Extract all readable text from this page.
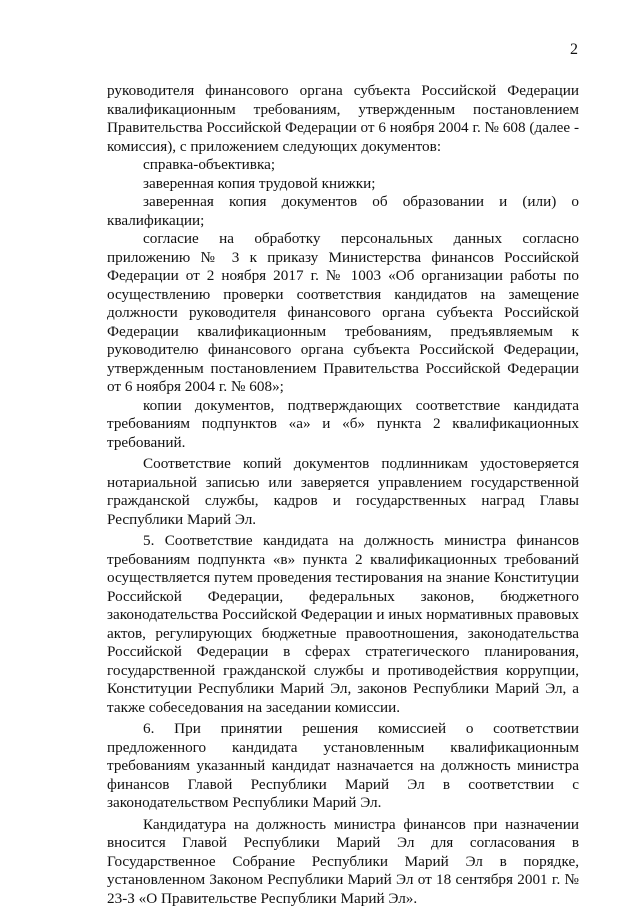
2

руководителя финансового органа субъекта Российской Федерации квалификационным требованиям, утвержденным постановлением Правительства Российской Федерации от 6 ноября 2004 г. № 608 (далее - комиссия), с приложением следующих документов:

справка-объективка;

заверенная копия трудовой книжки;

заверенная копия документов об образовании и (или) о квалификации;

согласие на обработку персональных данных согласно приложению № 3 к приказу Министерства финансов Российской Федерации от 2 ноября 2017 г. № 1003 «Об организации работы по осуществлению проверки соответствия кандидатов на замещение должности руководителя финансового органа субъекта Российской Федерации квалификационным требованиям, предъявляемым к руководителю финансового органа субъекта Российской Федерации, утвержденным постановлением Правительства Российской Федерации от 6 ноября 2004 г. № 608»;

копии документов, подтверждающих соответствие кандидата требованиям подпунктов «а» и «б» пункта 2 квалификационных требований.

Соответствие копий документов подлинникам удостоверяется нотариальной записью или заверяется управлением государственной гражданской службы, кадров и государственных наград Главы Республики Марий Эл.

5. Соответствие кандидата на должность министра финансов требованиям подпункта «в» пункта 2 квалификационных требований осуществляется путем проведения тестирования на знание Конституции Российской Федерации, федеральных законов, бюджетного законодательства Российской Федерации и иных нормативных правовых актов, регулирующих бюджетные правоотношения, законодательства Российской Федерации в сферах стратегического планирования, государственной гражданской службы и противодействия коррупции, Конституции Республики Марий Эл, законов Республики Марий Эл, а также собеседования на заседании комиссии.

6. При принятии решения комиссией о соответствии предложенного кандидата установленным квалификационным требованиям указанный кандидат назначается на должность министра финансов Главой Республики Марий Эл в соответствии с законодательством Республики Марий Эл.

Кандидатура на должность министра финансов при назначении вносится Главой Республики Марий Эл для согласования в Государственное Собрание Республики Марий Эл в порядке, установленном Законом Республики Марий Эл от 18 сентября 2001 г. № 23-З «О Правительстве Республики Марий Эл».
